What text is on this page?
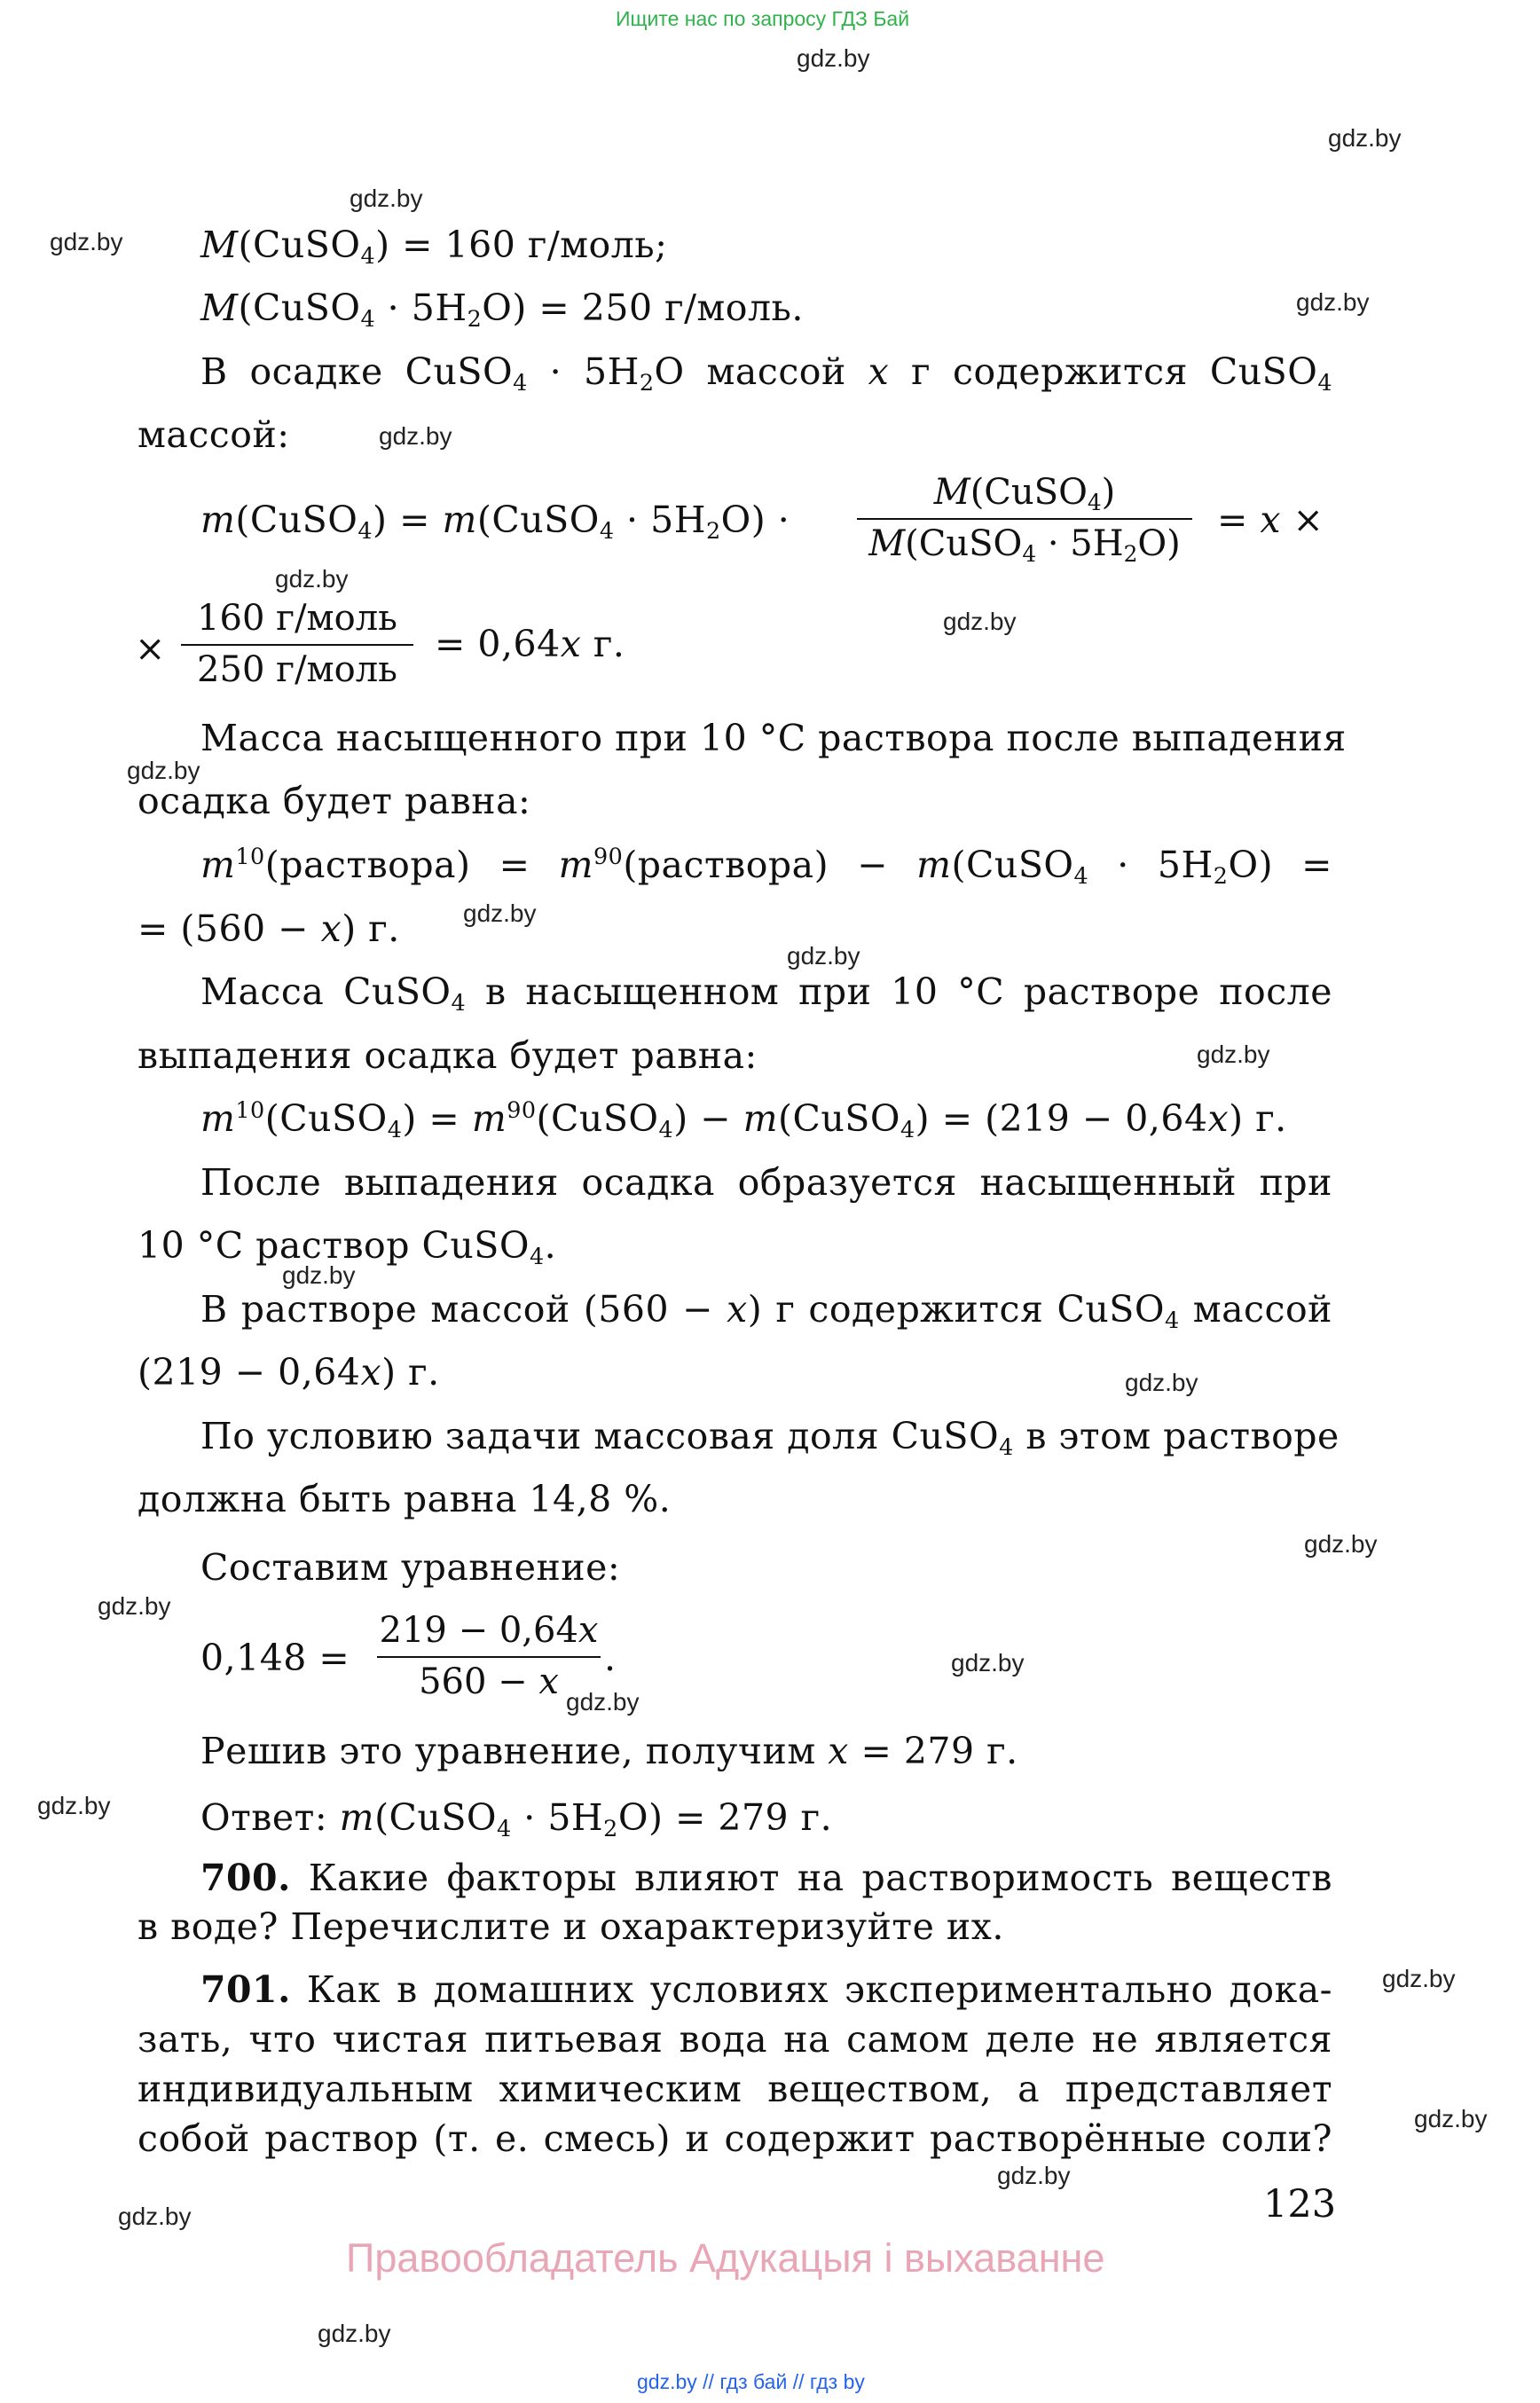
Ищите нас по запросу ГДЗ Бай
gdz.by
gdz.by
gdz.by
gdz.by
gdz.by
gdz.by
gdz.by
gdz.by
gdz.by
gdz.by
gdz.by
gdz.by
gdz.by
gdz.by
gdz.by
gdz.by
gdz.by
gdz.by
gdz.by
gdz.by
gdz.by
gdz.by
gdz.by
gdz.by
M(CuSO$_4$) = 160 г/моль;
M(CuSO$_4$ · $5H_2O) = 250$ г/моль.
В осадке CuSO$_4$ · $5H_2O$ массой x г содержится CuSO$_4$
массой:
m(CuSO$_4$) = m(CuSO$_4$ · $5H_2O$) ·
M(CuSO$_4$)
M(CuSO$_4$ · $5H_2O$)
= x ×
×
160 г/моль
250 г/моль
= 0,64x г.
Масса насыщенного при 10 °С раствора после выпадения
осадка будет равна:
$m^{10}(раствора)$ = $m^{90}(раствора)$ − m(CuSO$_4$ · $5H_2O$) =
= (560 − x) г.
Масса CuSO$_4$ в насыщенном при 10 °С растворе после
выпадения осадка будет равна:
$m^{10}(CuSO_4)$ = $m^{90}(CuSO_4)$ − m(CuSO$_4$) = (219 − 0,64x) г.
После выпадения осадка образуется насыщенный при
10 °С раствор CuSO$_4$.
В растворе массой (560 − x) г содержится CuSO$_4$ массой
(219 − 0,64x) г.
По условию задачи массовая доля CuSO$_4$ в этом растворе
должна быть равна 14,8 %.
Составим уравнение:
0,148 =
219 − 0,64x
560 − x
.
Решив это уравнение, получим x = 279 г.
Ответ: m(CuSO$_4$ · $5H_2O) = 279$ г.
700. Какие факторы влияют на растворимость веществ
в воде? Перечислите и охарактеризуйте их.
701. Как в домашних условиях экспериментально дока-
зать, что чистая питьевая вода на самом деле не является
индивидуальным химическим веществом, а представляет
собой раствор (т. е. смесь) и содержит растворённые соли?
123
Правообладатель Адукацыя і выхаванне
gdz.by // гдз бай // гдз by
